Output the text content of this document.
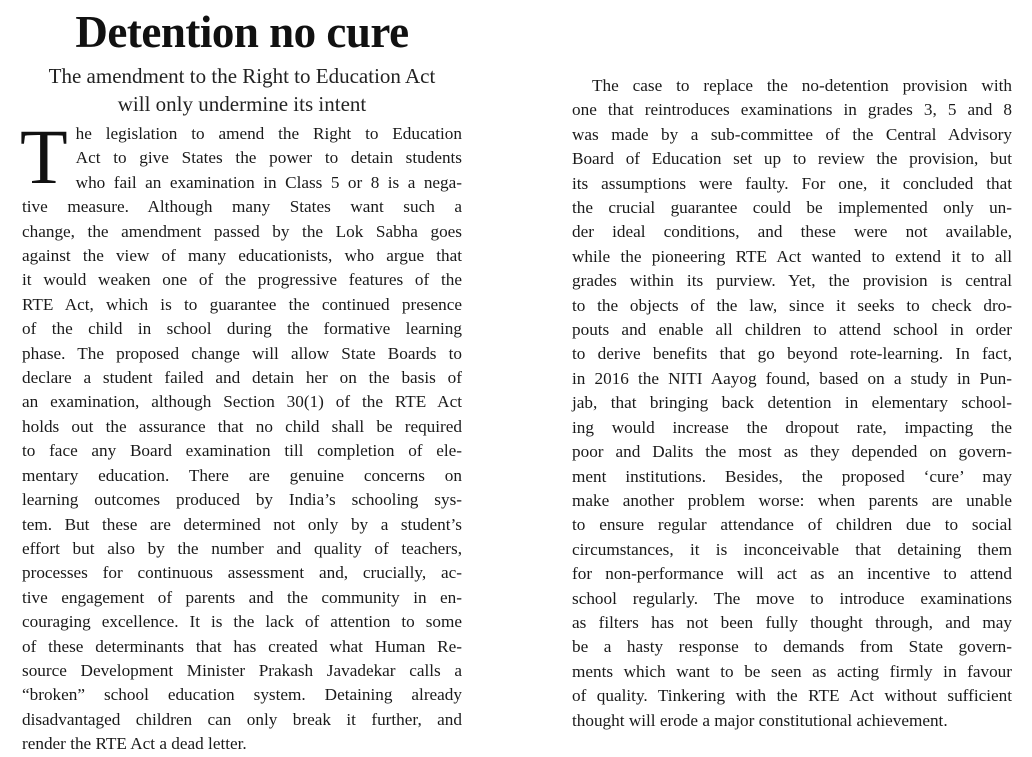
Detention no cure
The amendment to the Right to Education Act
will only undermine its intent
T he legislation to amend the Right to Education
Act to give States the power to detain students
who fail an examination in Class 5 or 8 is a nega-
tive measure. Although many States want such a
change, the amendment passed by the Lok Sabha goes
against the view of many educationists, who argue that
it would weaken one of the progressive features of the
RTE Act, which is to guarantee the continued presence
of the child in school during the formative learning
phase. The proposed change will allow State Boards to
declare a student failed and detain her on the basis of
an examination, although Section 30(1) of the RTE Act
holds out the assurance that no child shall be required
to face any Board examination till completion of ele-
mentary education. There are genuine concerns on
learning outcomes produced by India’s schooling sys-
tem. But these are determined not only by a student’s
effort but also by the number and quality of teachers,
processes for continuous assessment and, crucially, ac-
tive engagement of parents and the community in en-
couraging excellence. It is the lack of attention to some
of these determinants that has created what Human Re-
source Development Minister Prakash Javadekar calls a
“broken” school education system. Detaining already
disadvantaged children can only break it further, and
render the RTE Act a dead letter.
The case to replace the no-detention provision with
one that reintroduces examinations in grades 3, 5 and 8
was made by a sub-committee of the Central Advisory
Board of Education set up to review the provision, but
its assumptions were faulty. For one, it concluded that
the crucial guarantee could be implemented only un-
der ideal conditions, and these were not available,
while the pioneering RTE Act wanted to extend it to all
grades within its purview. Yet, the provision is central
to the objects of the law, since it seeks to check dro-
pouts and enable all children to attend school in order
to derive benefits that go beyond rote-learning. In fact,
in 2016 the NITI Aayog found, based on a study in Pun-
jab, that bringing back detention in elementary school-
ing would increase the dropout rate, impacting the
poor and Dalits the most as they depended on govern-
ment institutions. Besides, the proposed ‘cure’ may
make another problem worse: when parents are unable
to ensure regular attendance of children due to social
circumstances, it is inconceivable that detaining them
for non-performance will act as an incentive to attend
school regularly. The move to introduce examinations
as filters has not been fully thought through, and may
be a hasty response to demands from State govern-
ments which want to be seen as acting firmly in favour
of quality. Tinkering with the RTE Act without sufficient
thought will erode a major constitutional achievement.
